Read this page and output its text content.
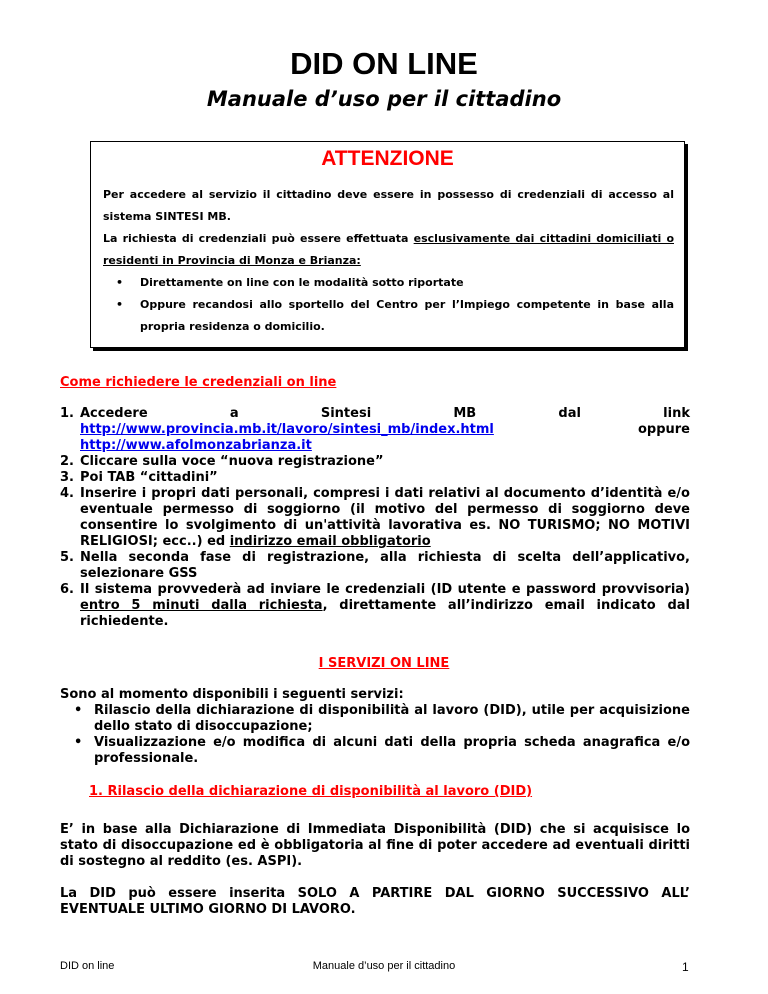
DID ON LINE
Manuale d’uso per il cittadino
ATTENZIONE

Per accedere al servizio il cittadino deve essere in possesso di credenziali di accesso al sistema SINTESI MB.

La richiesta di credenziali può essere effettuata esclusivamente dai cittadini domiciliati o residenti in Provincia di Monza e Brianza:

• Direttamente on line con le modalità sotto riportate
• Oppure recandosi allo sportello del Centro per l’Impiego competente in base alla propria residenza o domicilio.
Come richiedere le credenziali on line
1. Accedere a Sintesi MB dal link http://www.provincia.mb.it/lavoro/sintesi_mb/index.html oppure http://www.afolmonzabrianza.it
2. Cliccare sulla voce “nuova registrazione”
3. Poi TAB “cittadini”
4. Inserire i propri dati personali, compresi i dati relativi al documento d’identità e/o eventuale permesso di soggiorno (il motivo del permesso di soggiorno deve consentire lo svolgimento di un'attività lavorativa es. NO TURISMO; NO MOTIVI RELIGIOSI; ecc..) ed indirizzo email obbligatorio
5. Nella seconda fase di registrazione, alla richiesta di scelta dell’applicativo, selezionare GSS
6. Il sistema provvederà ad inviare le credenziali (ID utente e password provvisoria) entro 5 minuti dalla richiesta, direttamente all’indirizzo email indicato dal richiedente.
I SERVIZI ON LINE
Sono al momento disponibili i seguenti servizi:
• Rilascio della dichiarazione di disponibilità al lavoro (DID), utile per acquisizione dello stato di disoccupazione;
• Visualizzazione e/o modifica di alcuni dati della propria scheda anagrafica e/o professionale.
1. Rilascio della dichiarazione di disponibilità al lavoro (DID)
E’ in base alla Dichiarazione di Immediata Disponibilità (DID) che si acquisisce lo stato di disoccupazione ed è obbligatoria al fine di poter accedere ad eventuali diritti di sostegno al reddito (es. ASPI).
La DID può essere inserita SOLO A PARTIRE DAL GIORNO SUCCESSIVO ALL’ EVENTUALE ULTIMO GIORNO DI LAVORO.
DID on line	Manuale d’uso per il cittadino	1
